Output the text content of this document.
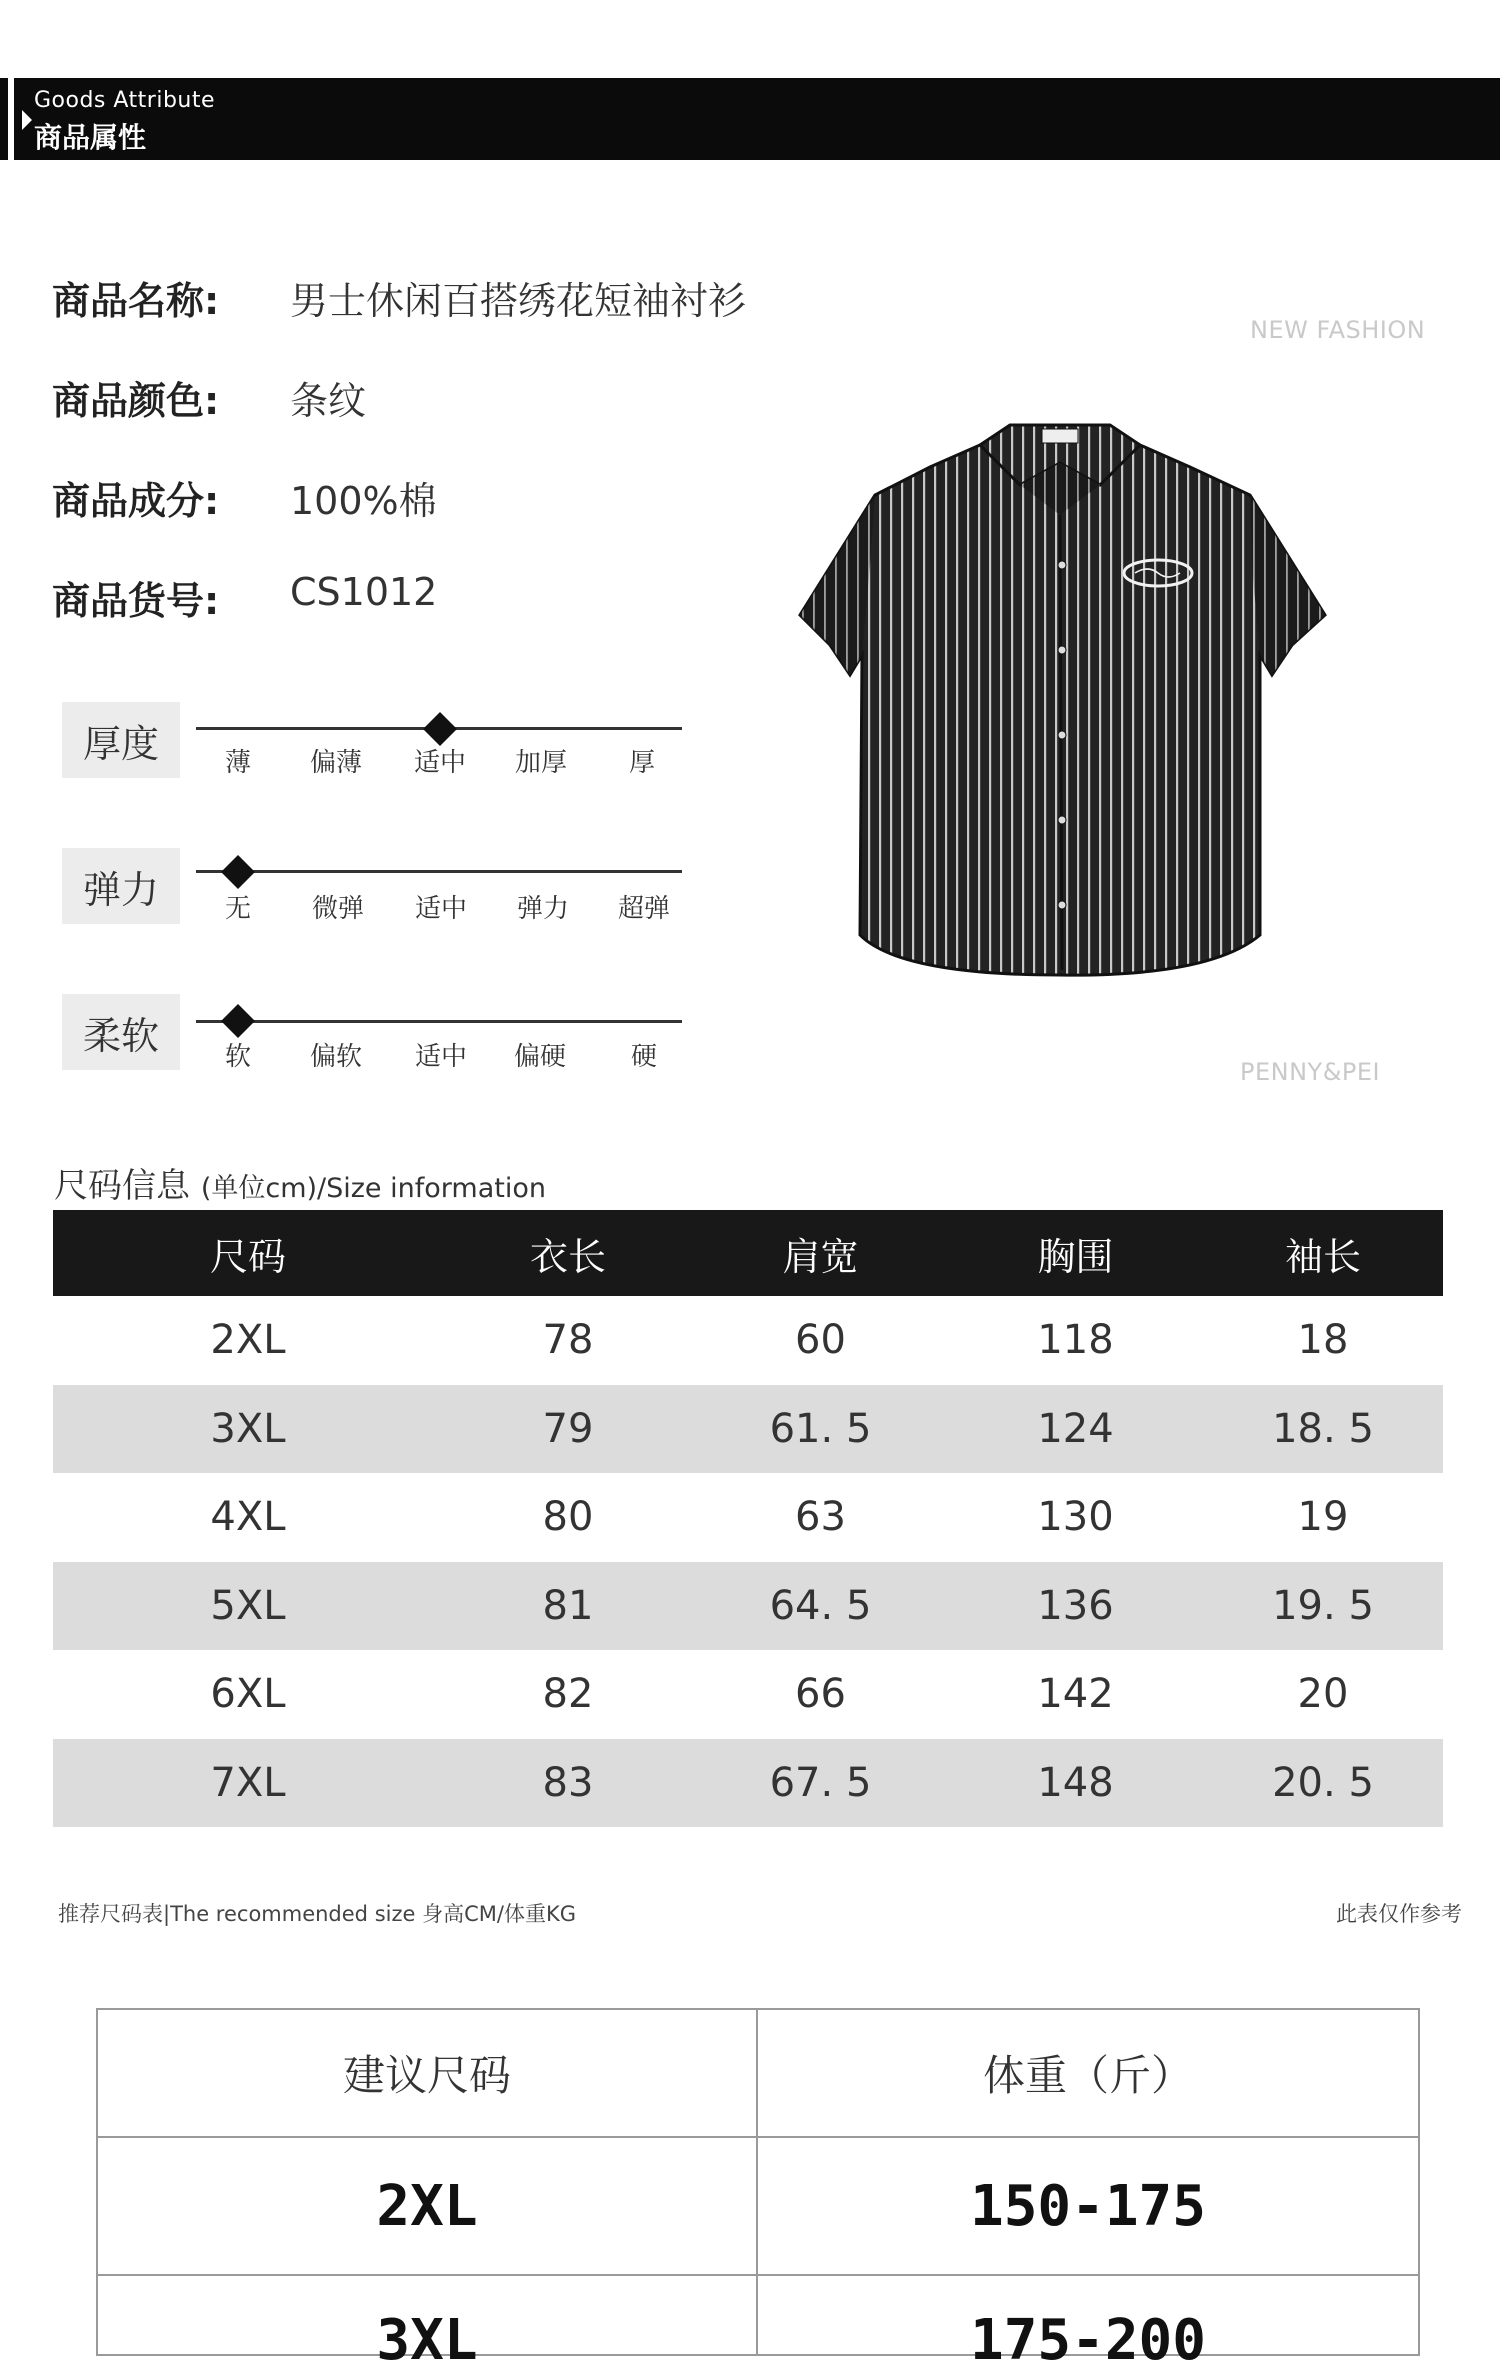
Goods Attribute
商品属性
商品名称: 男士休闲百搭绣花短袖衬衫
商品颜色: 条纹
商品成分: 100%棉
商品货号: CS1012
NEW FASHION
PENNY&PEI
厚度	薄	偏薄	适中	加厚	厚
弹力	无	微弹	适中	弹力	超弹
柔软	软	偏软	适中	偏硬	硬
尺码信息 (单位cm)/Size information
尺码	衣长	肩宽	胸围	袖长
2XL	78	60	118	18
3XL	79	61. 5	124	18. 5
4XL	80	63	130	19
5XL	81	64. 5	136	19. 5
6XL	82	66	142	20
7XL	83	67. 5	148	20. 5
推荐尺码表|The recommended size 身高CM/体重KG	此表仅作参考
建议尺码	体重（斤）
2XL	150-175
3XL	175-200
